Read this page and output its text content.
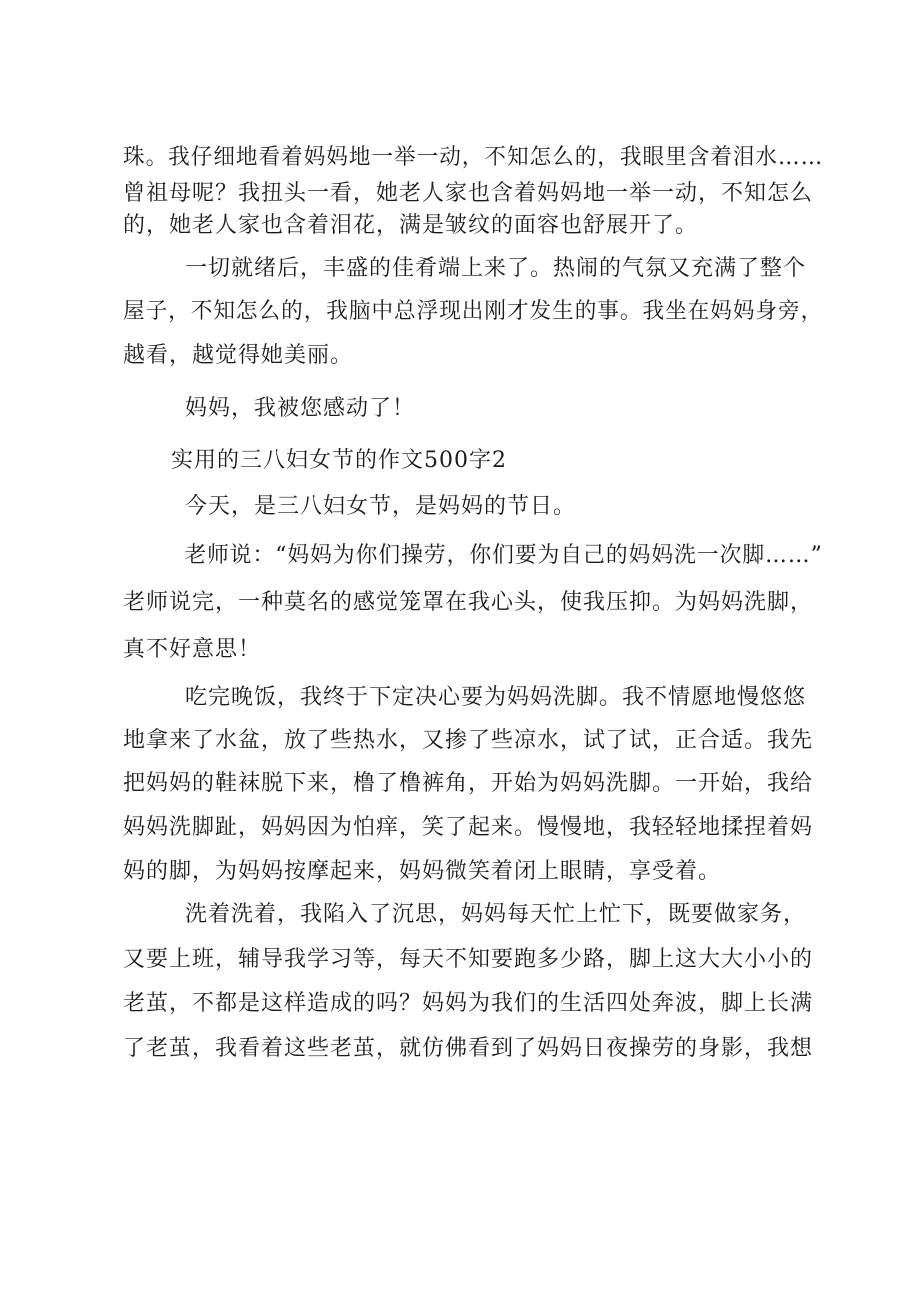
珠。我仔细地看着妈妈地一举一动，不知怎么的，我眼里含着泪水……
曾祖母呢？我扭头一看，她老人家也含着妈妈地一举一动，不知怎么
的，她老人家也含着泪花，满是皱纹的面容也舒展开了。
一切就绪后，丰盛的佳肴端上来了。热闹的气氛又充满了整个
屋子，不知怎么的，我脑中总浮现出刚才发生的事。我坐在妈妈身旁，
越看，越觉得她美丽。
妈妈，我被您感动了！
实用的三八妇女节的作文500字2
今天，是三八妇女节，是妈妈的节日。
老师说：“妈妈为你们操劳，你们要为自己的妈妈洗一次脚……”
老师说完，一种莫名的感觉笼罩在我心头，使我压抑。为妈妈洗脚，
真不好意思！
吃完晚饭，我终于下定决心要为妈妈洗脚。我不情愿地慢悠悠
地拿来了水盆，放了些热水，又掺了些凉水，试了试，正合适。我先
把妈妈的鞋袜脱下来，橹了橹裤角，开始为妈妈洗脚。一开始，我给
妈妈洗脚趾，妈妈因为怕痒，笑了起来。慢慢地，我轻轻地揉捏着妈
妈的脚，为妈妈按摩起来，妈妈微笑着闭上眼睛，享受着。
洗着洗着，我陷入了沉思，妈妈每天忙上忙下，既要做家务，
又要上班，辅导我学习等，每天不知要跑多少路，脚上这大大小小的
老茧，不都是这样造成的吗？妈妈为我们的生活四处奔波，脚上长满
了老茧，我看着这些老茧，就仿佛看到了妈妈日夜操劳的身影，我想
